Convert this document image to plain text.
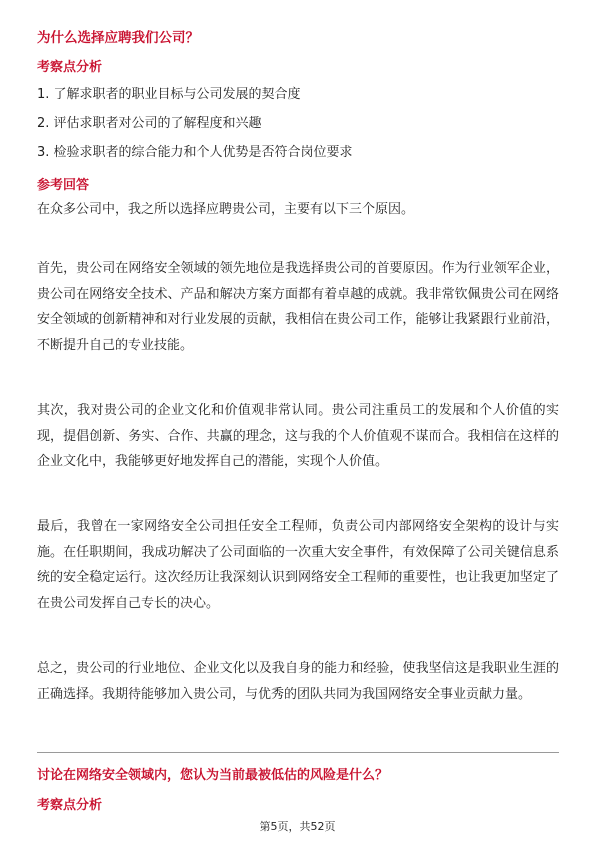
为什么选择应聘我们公司？
考察点分析
1. 了解求职者的职业目标与公司发展的契合度
2. 评估求职者对公司的了解程度和兴趣
3. 检验求职者的综合能力和个人优势是否符合岗位要求
参考回答
在众多公司中，我之所以选择应聘贵公司，主要有以下三个原因。
首先，贵公司在网络安全领域的领先地位是我选择贵公司的首要原因。作为行业领军企业，贵公司在网络安全技术、产品和解决方案方面都有着卓越的成就。我非常钦佩贵公司在网络安全领域的创新精神和对行业发展的贡献，我相信在贵公司工作，能够让我紧跟行业前沿，不断提升自己的专业技能。
其次，我对贵公司的企业文化和价值观非常认同。贵公司注重员工的发展和个人价值的实现，提倡创新、务实、合作、共赢的理念，这与我的个人价值观不谋而合。我相信在这样的企业文化中，我能够更好地发挥自己的潜能，实现个人价值。
最后，我曾在一家网络安全公司担任安全工程师，负责公司内部网络安全架构的设计与实施。在任职期间，我成功解决了公司面临的一次重大安全事件，有效保障了公司关键信息系统的安全稳定运行。这次经历让我深刻认识到网络安全工程师的重要性，也让我更加坚定了在贵公司发挥自己专长的决心。
总之，贵公司的行业地位、企业文化以及我自身的能力和经验，使我坚信这是我职业生涯的正确选择。我期待能够加入贵公司，与优秀的团队共同为我国网络安全事业贡献力量。
讨论在网络安全领域内，您认为当前最被低估的风险是什么？
考察点分析
第5页，共52页
